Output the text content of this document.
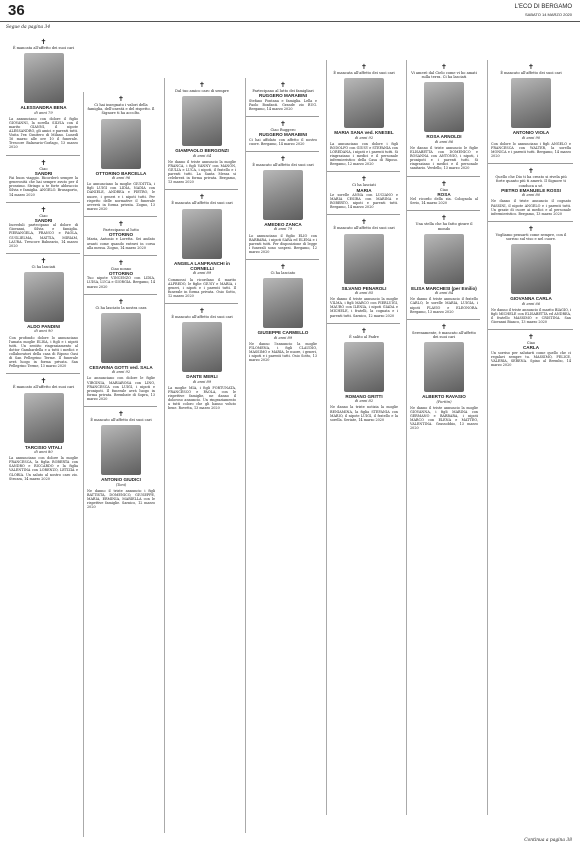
36	L'ECO DI BERGAMO
SABATO 14 MARZO 2020
Segue da pagina 34
✝
È mancata all'affetto dei suoi cari
ALESSANDRA BENA
di anni 79
La annunciano con dolore il figlio GIOVANNI, la sorella SILVIA con il marito GIANNI, il nipote ALESSANDRO, gli amici e parenti tutti. Visita l'ex Cimitero di Milano. Lunedì 16 marzo alle ore 10 il funerale. Trescore Balneario-Gorlago, 13 marzo 2020
✝
Ciao
SANDRI
Fai buon viaggio. Ricorderò sempre la generosità che hai sempre avuto per il prossimo. Stringo a te forte abbraccio Silvia e famiglia. ANGELO. Brusaporto, 14 marzo 2020
✝
Ciao
SANDRI
Increduli partecipano al dolore di Giovanni, Silvia e famiglia. PIERANGELA, FRANCO e PAOLA, GUGLIELMA, MATTIA, MIRIAM, LAURA. Trescore Balneario, 14 marzo 2020
✝
Ci ha lasciati
ALDO PANDINI
di anni 90
Con profondo dolore lo annunciano l'amata moglie ELISA, i figli e i nipoti tutti. Un sentito ringraziamento al dottor Gambardella e a tutti i medici e collaboratori della casa di Riposo Oasi di San Pellegrino Terme. Il funerale avrà luogo in forma privata. San Pellegrino Terme, 13 marzo 2020
✝
È mancato all'affetto dei suoi cari
TARCISIO VITALI
di anni 80
La annunciano con dolore la moglie FRANCESCA, la figlia ROBERTA con SANDRO e RICCARDO e la figlia VALENTINA con LORENZO, LETIZIA e GLORIA. Un saluto al nostro caro zio. Strozza, 14 marzo 2020
✝
Ci hai insegnato i valori della famiglia, dell'onestà e del rispetto. Il Signore ti ha accolto.
OTTORINO BARCELLA
di anni 96
Lo annunciano la moglie GIUDITTA, i figli LUIGI con LIDIA, NADIA con DANIELE, ANDREA e PIETRO, le nuore, i generi e i nipoti tutti. Per rispetto delle normative il funerale avverrà in forma privata. Zogno, 13 marzo 2020
✝
Partecipano al lutto
OTTORINO
Maria, Antonio e Loretta. Sei andato avanti come quando entravi in corsa alla messa. Zogno, 14 marzo 2020
✝
Ciao nonno
OTTORINO
Tuo nipote VINCENZO con LIDIA, LUISA, LUCA e GIORGIA. Bergamo, 14 marzo 2020
✝
Ci ha lasciato la nostra cara
CESARINA GOTTI ved. SALA
di anni 92
Lo annunciano con dolore le figlie VIRGINIA, MARIAROSA con LINO, FRANCESCA con LUIGI, i nipoti e pronipoti. Il funerale avrà luogo in forma privata. Brembate di Sopra, 13 marzo 2020
✝
È mancato all'affetto dei suoi cari
ANTONIO GIUDICI
(Toni)
Ne danno il triste annuncio i figli BATTISTA, DOMENICO, GIUSEPPE, MARIA, ERMINIA, MARIELLA con le rispettive famiglie. Sarnico, 12 marzo 2020
✝
Dal tuo amico caro di sempre
GIAMPAOLO BERGONZI
di anni 64
Ne danno il triste annuncio la moglie FRANCA, i figli VANNY con MANON, GIULIA e LUCA, i nipoti, il fratello e i parenti tutti. La Santa Messa si celebrerà in forma privata. Bergamo, 13 marzo 2020
✝
È mancata all'affetto dei suoi cari
ANGELA LANFRANCHI in CORNELLI
di anni 89
Commossi la ricordano il marito ALFREDO, le figlie GIUSY e MARIA, i generi, i nipoti e i parenti tutti. Il funerale in forma privata. Osio Sotto, 12 marzo 2020
✝
È mancato all'affetto dei suoi cari
DANTE MERLI
di anni 89
La moglie MIA, i figli FORTUNATA, FRANCESCO e PAOLA, con le rispettive famiglie, ne danno il doloroso annuncio. Un ringraziamento a tutti coloro che gli hanno voluto bene. Rovetta, 13 marzo 2020
✝
Partecipano al lutto dei famigliari
RUGGERO MARABINI
Stefano Fontana e famiglia. Lella e Paolo Bonfanti. Grande zio RUG. Bergamo, 14 marzo 2020
✝
Ciao Ruggero
RUGGERO MARABINI
Ci hai affidato con affetto il nostro cuore. Bergamo, 14 marzo 2020
✝
È mancato all'affetto dei suoi cari
AMEDEO ZANCA
di anni 79
Lo annunciano il figlio ELIO con BARBARA, i nipoti SARA ed ELENA e i parenti tutti. Per disposizione di legge i funerali sono sospesi. Bergamo, 12 marzo 2020
✝
Ci ha lasciato
GIUSEPPE CARMELLO
di anni 89
Ne danno l'annuncio la moglie FILOMENA, i figli CLAUDIO, MASSIMO e MARIA, le nuore, i generi, i nipoti e i parenti tutti. Osio Sotto, 13 marzo 2020
✝
È mancata all'affetto dei suoi cari
MARIA SANA ved. KNESEL
di anni 92
La annunciano con dolore i figli RODOLFO con GIUSY e STEFANIA con LOREDANA, i nipoti e i parenti tutti. Si ringraziano i medici e il personale infermieristico della Casa di Riposo. Bergamo, 12 marzo 2020
✝
Ci ha lasciati
MARIA
Le sorelle ANNA con LUCIANO e MARIA CESIRA con MARINA e ROBERTO, nipoti e parenti tutti. Bergamo, 14 marzo 2020
✝
È mancato all'affetto dei suoi cari
SILVANO PENAROLI
di anni 85
Ne danno il triste annuncio la moglie VILMA, i figli MARCO con PIERLUIGI, MAURO con ILENIA, i nipoti GIADA e MICHELE, i fratelli, la cognata e i parenti tutti. Sarnico, 12 marzo 2020
✝
È salito al Padre
ROMANO GRITTI
di anni 82
Ne danno la triste notizia la moglie BENIAMINA, la figlia STEFANIA con MARIO, il nipote LUIGI, il fratello e la sorella. Seriate, 14 marzo 2020
✝
Vi amerò dal Cielo come vi ho amati sulla terra. Ci ha lasciati
ROSA ARNOLDI
di anni 86
Ne danno il triste annuncio le figlie ELISABETTA con DOMENICO e ROSANNA con ANTONIO, i nipoti, i pronipoti e i parenti tutti. Si ringraziano i medici e il personale sanitario. Verdello, 13 marzo 2020
✝
Ciao
ROSA
Nel ricordo della zia. Colognola al Serio, 14 marzo 2020
✝
Una stella che ha fatto girare il mondo
ELISA MARCHESI (per Emilio)
di anni 84
Ne danno il triste annuncio il fratello CARLO, le sorelle MARIA, LUIGIA, i nipoti FLAVIO e ELEONORA. Bergamo, 13 marzo 2020
✝
Serenamente, è mancato all'affetto dei suoi cari
ALBERTO RAVASIO
(Poritin)
Ne danno il triste annuncio la moglie GIOVANNA, i figli MARINA con GERMANO e BARBARA, i nipoti MARCO con ELENA e MATTEO, VALENTINA. Grassobbio, 13 marzo 2020
✝
È mancato all'affetto dei suoi cari
ANTONIO VIOLA
di anni 90
Con dolore lo annunciano i figli ANGELO e FRANCESCA con WALTER, la sorella MONICA e i parenti tutti. Bergamo, 14 marzo 2020
✝
Quello che Dio ti ha creato si rivela più forte quanto più ti amerò. Il Signore ti conduca a sé.
PIETRO EMANUELE ROSSI
di anni 80
Ne danno il triste annuncio il cognato PASSINI, il nipote ANGELO e i parenti tutti. Un grazie di cuore ai medici e al personale infermieristico. Bergamo, 13 marzo 2020
✝
Vogliamo pensarti come sempre, con il sorriso sul viso e nel cuore.
GIOVANNA CARLA
di anni 66
Ne danno il triste annuncio il marito BIAGIO, i figli MICHELE con ELISABETTA ed ANDREA, il fratello MASSIMO e CRISTINA. San Giovanni Bianco, 13 marzo 2020
✝
Ciao
CARLA
Un sorriso per salutarti come quello che ci regalavi sempre tu. MASSIMO, FELICE, VALERIA, SERENA. Spino al Brembo, 14 marzo 2020
Continua a pagina 38
